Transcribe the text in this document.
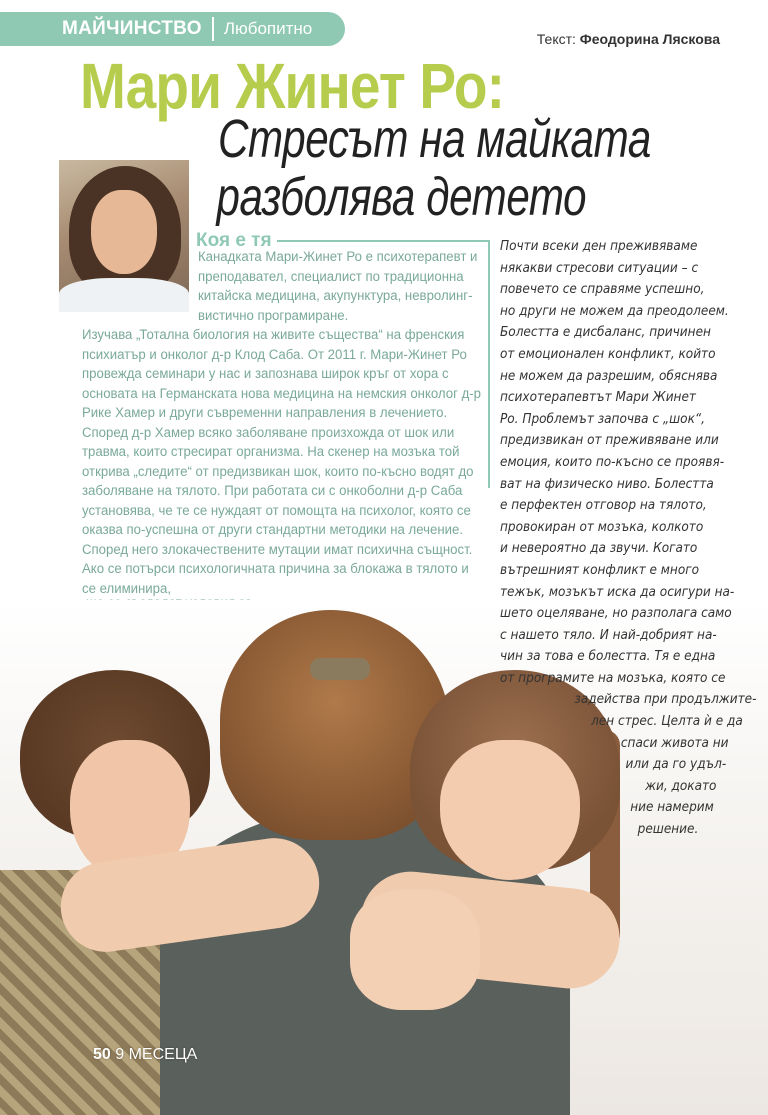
МАЙЧИНСТВО Любопитно
Текст: Феодорина Ляскова
Мари Жинет Ро:
Стресът на майката
разболява детето
Коя е тя
Канадката Мари-Жинет Ро е психотерапевт и преподавател, специалист по традиционна китайска медицина, акупунктура, невролинг-вистично програмиране.
Изучава „Тотална биология на живите същества“ на френския психиатър и онколог д-р Клод Саба. От 2011 г. Мари-Жинет Ро провежда семинари у нас и запознава широк кръг от хора с основата на Германската нова медицина на немския онколог д-р Рике Хамер и други съвременни направления в лечението. Според д-р Хамер всяко заболяване произхожда от шок или травма, които стресират организма. На скенер на мозъка той открива „следите“ от предизвикан шок, които по-късно водят до заболяване на тялото. При работата си с онкоболни д-р Саба установява, че те се нуждаят от помощта на психолог, която се оказва по-успешна от други стандартни методики на лечение. Според него злокачествените мутации имат психична същност. Ако се потърси психологичната причина за блокажа в тялото и се елиминира,
Почти всеки ден преживяваме
някакви стресови ситуации – с
повечето се справяме успешно,
но други не можем да преодолеем.
Болестта е дисбаланс, причинен
от емоционален конфликт, който
не можем да разрешим, обяснява
психотерапевтът Мари Жинет
Ро. Проблемът започва с „шок“,
предизвикан от преживяване или
емоция, които по-късно се проявя-
ват на физическо ниво. Болестта
е перфектен отговор на тялото,
провокиран от мозъка, колкото
и невероятно да звучи. Когато
вътрешният конфликт е много
тежък, мозъкът иска да осигури на-
шето оцеляване, но разполага само
с нашето тяло. И най-добрият на-
чин за това е болестта. Тя е една
от програмите на мозъка, която се
задейства при продължите-
лен стрес. Целта ѝ е да
спаси живота ни
или да го удъл-
жи, докато
ние намерим
решение.
50 9 МЕСЕЦА
